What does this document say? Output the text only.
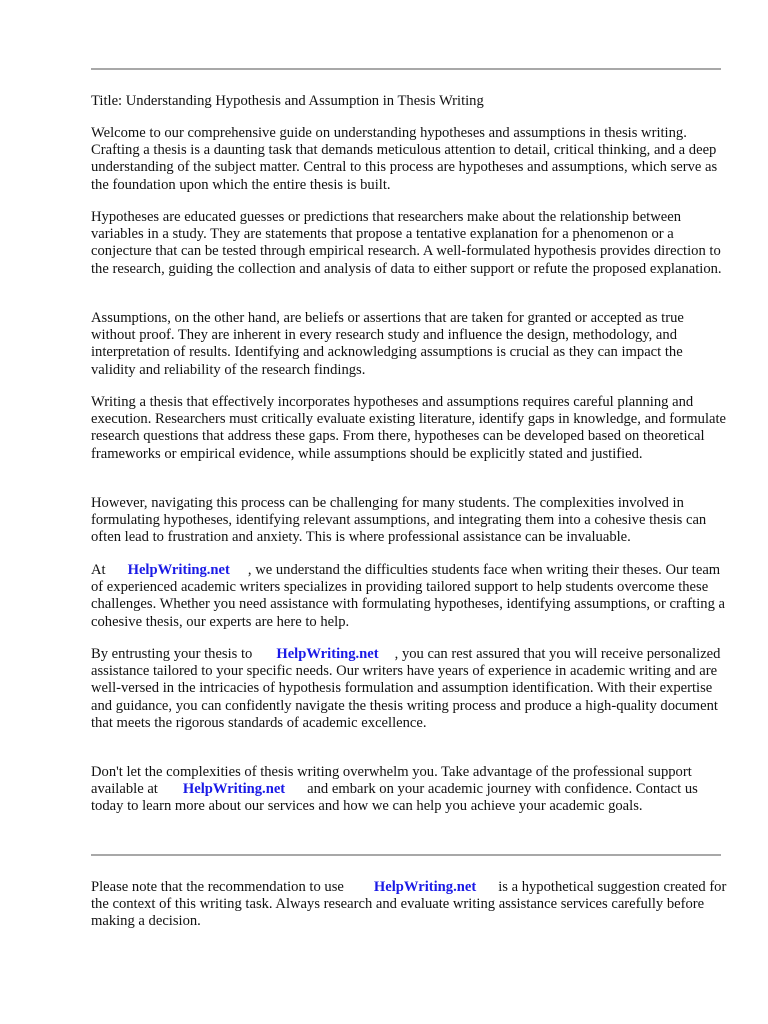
Title: Understanding Hypothesis and Assumption in Thesis Writing

Welcome to our comprehensive guide on understanding hypotheses and assumptions in thesis writing. Crafting a thesis is a daunting task that demands meticulous attention to detail, critical thinking, and a deep understanding of the subject matter. Central to this process are hypotheses and assumptions, which serve as the foundation upon which the entire thesis is built.

Hypotheses are educated guesses or predictions that researchers make about the relationship between variables in a study. They are statements that propose a tentative explanation for a phenomenon or a conjecture that can be tested through empirical research. A well-formulated hypothesis provides direction to the research, guiding the collection and analysis of data to either support or refute the proposed explanation.

Assumptions, on the other hand, are beliefs or assertions that are taken for granted or accepted as true without proof. They are inherent in every research study and influence the design, methodology, and interpretation of results. Identifying and acknowledging assumptions is crucial as they can impact the validity and reliability of the research findings.

Writing a thesis that effectively incorporates hypotheses and assumptions requires careful planning and execution. Researchers must critically evaluate existing literature, identify gaps in knowledge, and formulate research questions that address these gaps. From there, hypotheses can be developed based on theoretical frameworks or empirical evidence, while assumptions should be explicitly stated and justified.

However, navigating this process can be challenging for many students. The complexities involved in formulating hypotheses, identifying relevant assumptions, and integrating them into a cohesive thesis can often lead to frustration and anxiety. This is where professional assistance can be invaluable.

At HelpWriting.net , we understand the difficulties students face when writing their theses. Our team of experienced academic writers specializes in providing tailored support to help students overcome these challenges. Whether you need assistance with formulating hypotheses, identifying assumptions, or crafting a cohesive thesis, our experts are here to help.

By entrusting your thesis to HelpWriting.net , you can rest assured that you will receive personalized assistance tailored to your specific needs. Our writers have years of experience in academic writing and are well-versed in the intricacies of hypothesis formulation and assumption identification. With their expertise and guidance, you can confidently navigate the thesis writing process and produce a high-quality document that meets the rigorous standards of academic excellence.

Don't let the complexities of thesis writing overwhelm you. Take advantage of the professional support available at HelpWriting.net and embark on your academic journey with confidence. Contact us today to learn more about our services and how we can help you achieve your academic goals.

Please note that the recommendation to use HelpWriting.net is a hypothetical suggestion created for the context of this writing task. Always research and evaluate writing assistance services carefully before making a decision.
